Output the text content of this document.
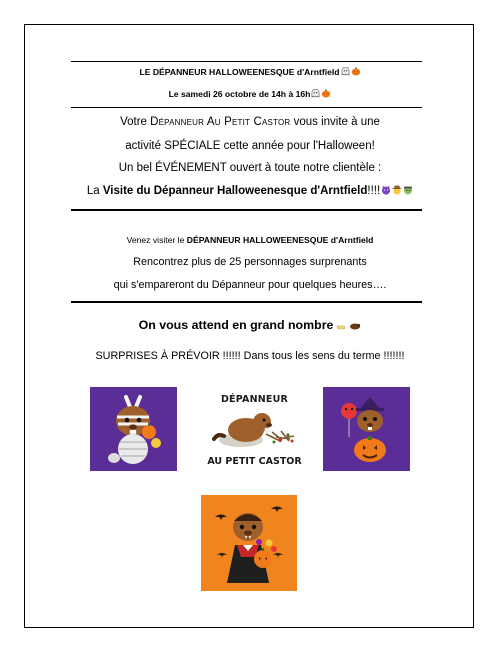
LE DÉPANNEUR HALLOWEENESQUE d'Arntfield
Le samedi 26 octobre de 14h à 16h
Votre Dépanneur Au Petit Castor vous invite à une
activité SPÉCIALE cette année pour l'Halloween!
Un bel ÉVÉNEMENT ouvert à toute notre clientèle :
La Visite du Dépanneur Halloweenesque d'Arntfield!!!!
Venez visiter le DÉPANNEUR HALLOWEENESQUE d'Arntfield
Rencontrez plus de 25 personnages surprenants
qui s'empareront du Dépanneur pour quelques heures….
On vous attend en grand nombre
SURPRISES À PRÉVOIR !!!!!! Dans tous les sens du terme !!!!!!!
DÉPANNEUR
AU PETIT CASTOR
